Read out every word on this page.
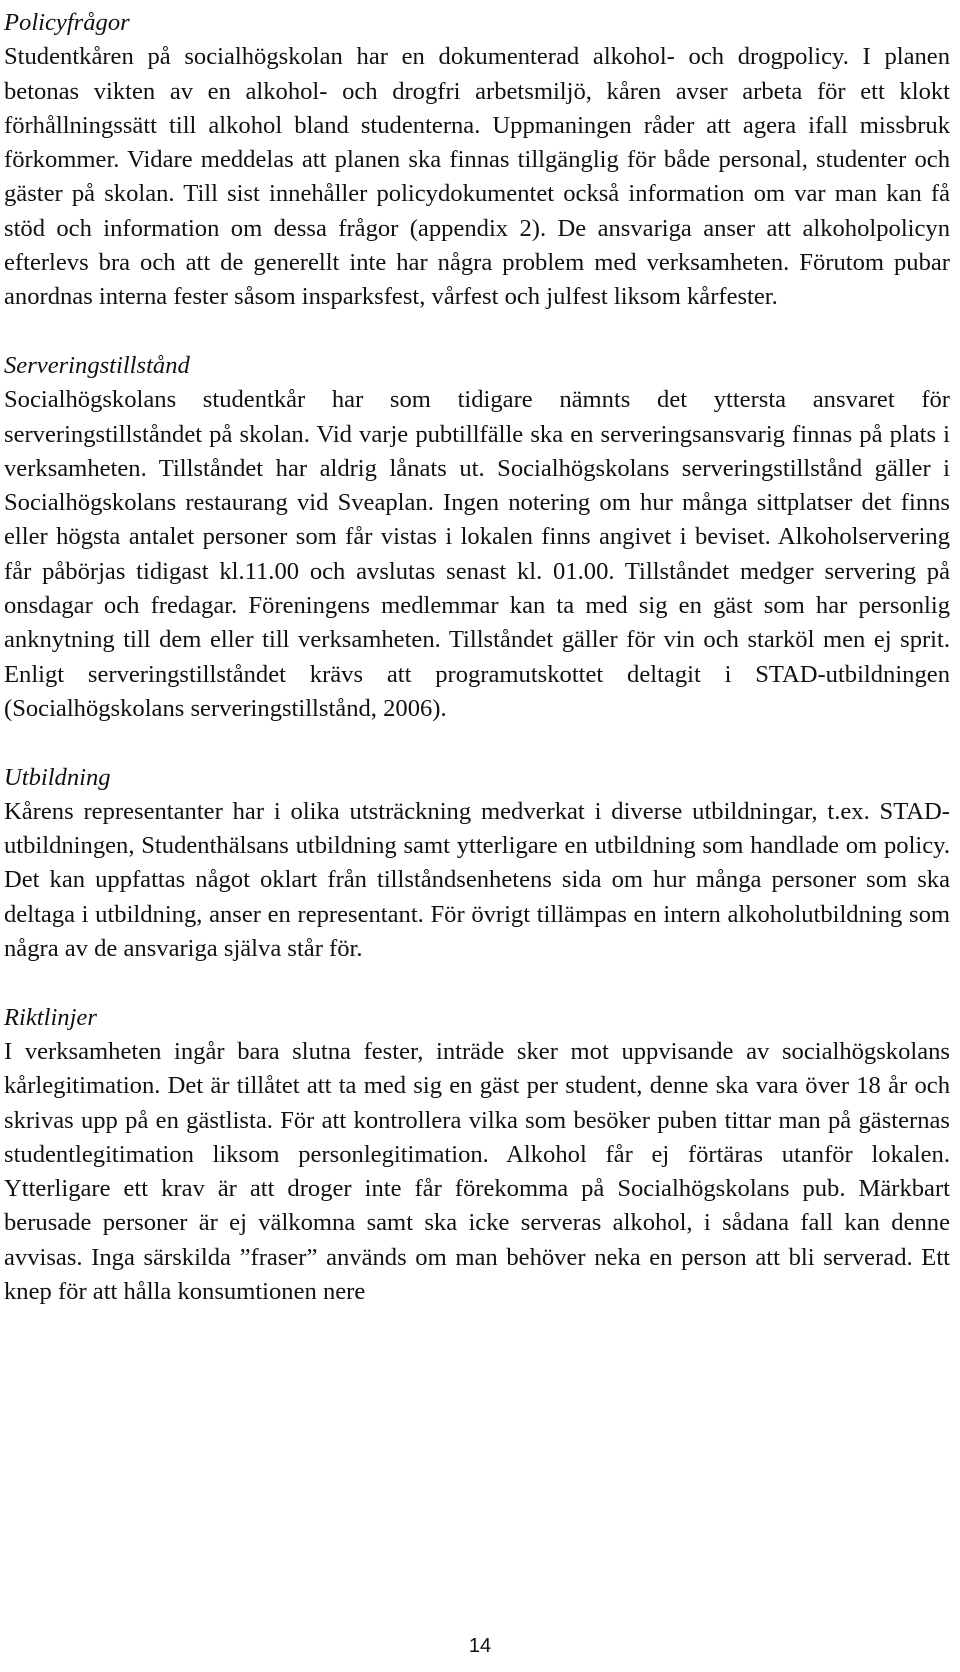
Policyfrågor
Studentkåren på socialhögskolan har en dokumenterad alkohol- och drogpolicy. I planen betonas vikten av en alkohol- och drogfri arbetsmiljö, kåren avser arbeta för ett klokt förhållningssätt till alkohol bland studenterna. Uppmaningen råder att agera ifall missbruk förkommer. Vidare meddelas att planen ska finnas tillgänglig för både personal, studenter och gäster på skolan. Till sist innehåller policydokumentet också information om var man kan få stöd och information om dessa frågor (appendix 2). De ansvariga anser att alkoholpolicyn efterlevs bra och att de generellt inte har några problem med verksamheten. Förutom pubar anordnas interna fester såsom insparksfest, vårfest och julfest liksom kårfester.
Serveringstillstånd
Socialhögskolans studentkår har som tidigare nämnts det yttersta ansvaret för serveringstillståndet på skolan. Vid varje pubtillfälle ska en serveringsansvarig finnas på plats i verksamheten. Tillståndet har aldrig lånats ut. Socialhögskolans serveringstillstånd gäller i Socialhögskolans restaurang vid Sveaplan. Ingen notering om hur många sittplatser det finns eller högsta antalet personer som får vistas i lokalen finns angivet i beviset. Alkoholservering får påbörjas tidigast kl.11.00 och avslutas senast kl. 01.00. Tillståndet medger servering på onsdagar och fredagar. Föreningens medlemmar kan ta med sig en gäst som har personlig anknytning till dem eller till verksamheten. Tillståndet gäller för vin och starköl men ej sprit. Enligt serveringstillståndet krävs att programutskottet deltagit i STAD-utbildningen (Socialhögskolans serveringstillstånd, 2006).
Utbildning
Kårens representanter har i olika utsträckning medverkat i diverse utbildningar, t.ex. STAD-utbildningen, Studenthälsans utbildning samt ytterligare en utbildning som handlade om policy. Det kan uppfattas något oklart från tillståndsenhetens sida om hur många personer som ska deltaga i utbildning, anser en representant. För övrigt tillämpas en intern alkoholutbildning som några av de ansvariga själva står för.
Riktlinjer
I verksamheten ingår bara slutna fester, inträde sker mot uppvisande av socialhögskolans kårlegitimation. Det är tillåtet att ta med sig en gäst per student, denne ska vara över 18 år och skrivas upp på en gästlista. För att kontrollera vilka som besöker puben tittar man på gästernas studentlegitimation liksom personlegitimation. Alkohol får ej förtäras utanför lokalen. Ytterligare ett krav är att droger inte får förekomma på Socialhögskolans pub. Märkbart berusade personer är ej välkomna samt ska icke serveras alkohol, i sådana fall kan denne avvisas. Inga särskilda ”fraser” används om man behöver neka en person att bli serverad. Ett knep för att hålla konsumtionen nere
14
